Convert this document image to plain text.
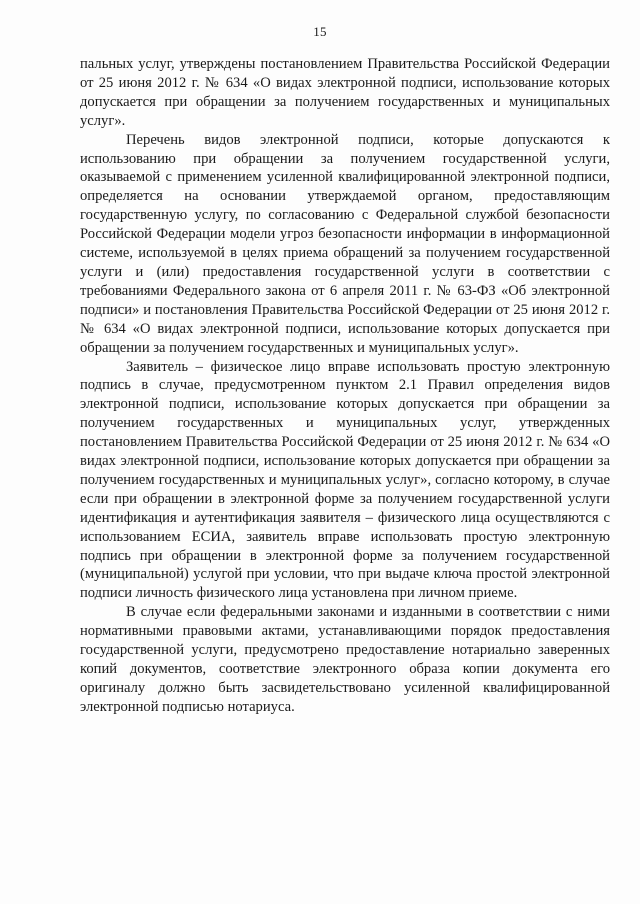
15

пальных услуг, утверждены постановлением Правительства Российской Федерации от 25 июня 2012 г. № 634 «О видах электронной подписи, использование которых допускается при обращении за получением государственных и муниципальных услуг».

Перечень видов электронной подписи, которые допускаются к использованию при обращении за получением государственной услуги, оказываемой с применением усиленной квалифицированной электронной подписи, определяется на основании утверждаемой органом, предоставляющим государственную услугу, по согласованию с Федеральной службой безопасности Российской Федерации модели угроз безопасности информации в информационной системе, используемой в целях приема обращений за получением государственной услуги и (или) предоставления государственной услуги в соответствии с требованиями Федерального закона от 6 апреля 2011 г. № 63-ФЗ «Об электронной подписи» и постановления Правительства Российской Федерации от 25 июня 2012 г. № 634 «О видах электронной подписи, использование которых допускается при обращении за получением государственных и муниципальных услуг».

Заявитель – физическое лицо вправе использовать простую электронную подпись в случае, предусмотренном пунктом 2.1 Правил определения видов электронной подписи, использование которых допускается при обращении за получением государственных и муниципальных услуг, утвержденных постановлением Правительства Российской Федерации от 25 июня 2012 г. № 634 «О видах электронной подписи, использование которых допускается при обращении за получением государственных и муниципальных услуг», согласно которому, в случае если при обращении в электронной форме за получением государственной услуги идентификация и аутентификация заявителя – физического лица осуществляются с использованием ЕСИА, заявитель вправе использовать простую электронную подпись при обращении в электронной форме за получением государственной (муниципальной) услугой при условии, что при выдаче ключа простой электронной подписи личность физического лица установлена при личном приеме.

В случае если федеральными законами и изданными в соответствии с ними нормативными правовыми актами, устанавливающими порядок предоставления государственной услуги, предусмотрено предоставление нотариально заверенных копий документов, соответствие электронного образа копии документа его оригиналу должно быть засвидетельствовано усиленной квалифицированной электронной подписью нотариуса.
